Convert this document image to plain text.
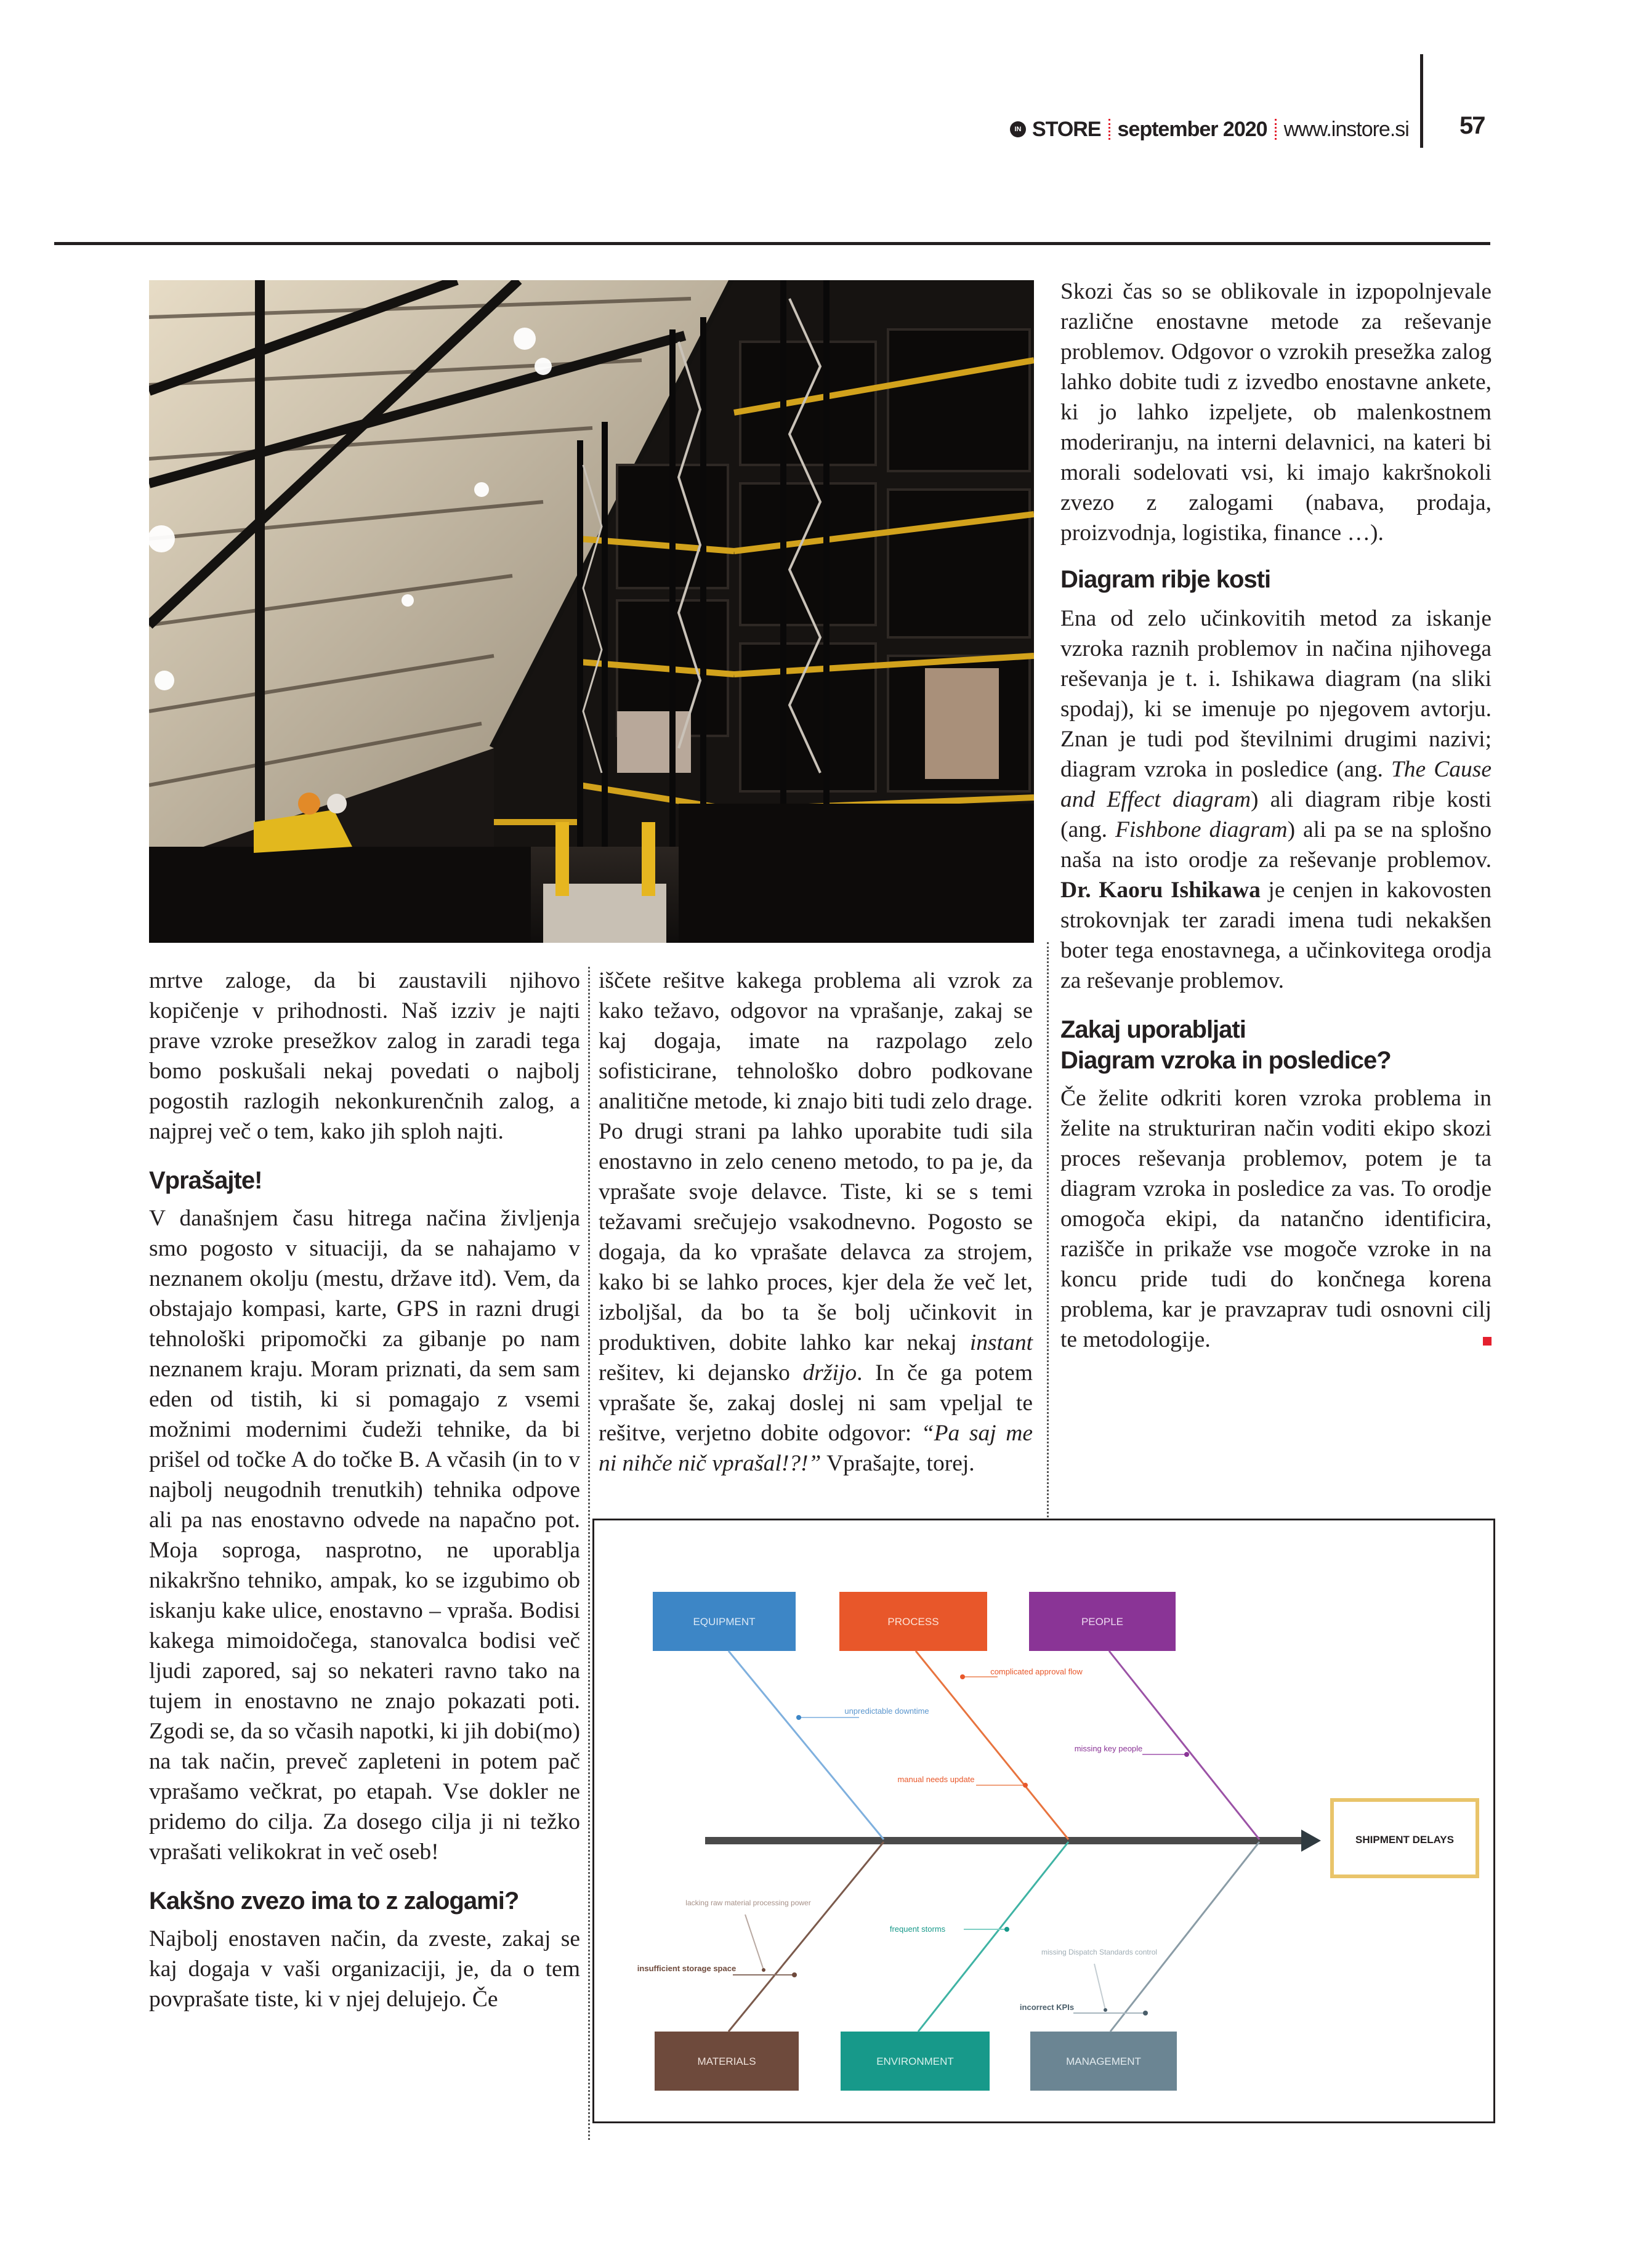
IN STORE september 2020 www.instore.si 57

mrtve zaloge, da bi zaustavili njihovo kopičenje v prihodnosti. Naš izziv je najti prave vzroke presežkov zalog in zaradi tega bomo poskušali nekaj povedati o najbolj pogostih razlogih nekonkurenčnih zalog, a najprej več o tem, kako jih sploh najti.

Vprašajte!

V današnjem času hitrega načina življenja smo pogosto v situaciji, da se nahajamo v neznanem okolju (mestu, države itd). Vem, da obstajajo kompasi, karte, GPS in razni drugi tehnološki pripomočki za gibanje po nam neznanem kraju. Moram priznati, da sem sam eden od tistih, ki si pomagajo z vsemi možnimi modernimi čudeži tehnike, da bi prišel od točke A do točke B. A včasih (in to v najbolj neugodnih trenutkih) tehnika odpove ali pa nas enostavno odvede na napačno pot. Moja soproga, nasprotno, ne uporablja nikakršno tehniko, ampak, ko se izgubimo ob iskanju kake ulice, enostavno – vpraša. Bodisi kakega mimoidočega, stanovalca bodisi več ljudi zapored, saj so nekateri ravno tako na tujem in enostavno ne znajo pokazati poti. Zgodi se, da so včasih napotki, ki jih dobi(mo) na tak način, preveč zapleteni in potem pač vprašamo večkrat, po etapah. Vse dokler ne pridemo do cilja. Za dosego cilja ji ni težko vprašati velikokrat in več oseb!

Kakšno zvezo ima to z zalogami?

Najbolj enostaven način, da zveste, zakaj se kaj dogaja v vaši organizaciji, je, da o tem povprašate tiste, ki v njej delujejo. Če

iščete rešitve kakega problema ali vzrok za kako težavo, odgovor na vprašanje, zakaj se kaj dogaja, imate na razpolago zelo sofisticirane, tehnološko dobro podkovane analitične metode, ki znajo biti tudi zelo drage. Po drugi strani pa lahko uporabite tudi sila enostavno in zelo ceneno metodo, to pa je, da vprašate svoje delavce. Tiste, ki se s temi težavami srečujejo vsakodnevno. Pogosto se dogaja, da ko vprašate delavca za strojem, kako bi se lahko proces, kjer dela že več let, izboljšal, da bo ta še bolj učinkovit in produktiven, dobite lahko kar nekaj instant rešitev, ki dejansko držijo. In če ga potem vprašate še, zakaj doslej ni sam vpeljal te rešitve, verjetno dobite odgovor: “Pa saj me ni nihče nič vprašal!?!” Vprašajte, torej.

Skozi čas so se oblikovale in izpopolnjevale različne enostavne metode za reševanje problemov. Odgovor o vzrokih presežka zalog lahko dobite tudi z izvedbo enostavne ankete, ki jo lahko izpeljete, ob malenkostnem moderiranju, na interni delavnici, na kateri bi morali sodelovati vsi, ki imajo kakršnokoli zvezo z zalogami (nabava, prodaja, proizvodnja, logistika, finance …).

Diagram ribje kosti

Ena od zelo učinkovitih metod za iskanje vzroka raznih problemov in načina njihovega reševanja je t. i. Ishikawa diagram (na sliki spodaj), ki se imenuje po njegovem avtorju. Znan je tudi pod številnimi drugimi nazivi; diagram vzroka in posledice (ang. The Cause and Effect diagram) ali diagram ribje kosti (ang. Fishbone diagram) ali pa se na splošno naša na isto orodje za reševanje problemov. Dr. Kaoru Ishikawa je cenjen in kakovosten strokovnjak ter zaradi imena tudi nekakšen boter tega enostavnega, a učinkovitega orodja za reševanje problemov.

Zakaj uporabljati
Diagram vzroka in posledice?

Če želite odkriti koren vzroka problema in želite na strukturiran način voditi ekipo skozi proces reševanja problemov, potem je ta diagram vzroka in posledice za vas. To orodje omogoča ekipi, da natančno identificira, razišče in prikaže vse mogoče vzroke in na koncu pride tudi do končnega korena problema, kar je pravzaprav tudi osnovni cilj te metodologije.

SHIPMENT DELAYS
EQUIPMENT	PROCESS	PEOPLE
MATERIALS	ENVIRONMENT	MANAGEMENT
unpredictable downtime
complicated approval flow
manual needs update
missing key people
insufficient storage space
lacking raw material processing power
frequent storms
incorrect KPIs
missing Dispatch Standards control
